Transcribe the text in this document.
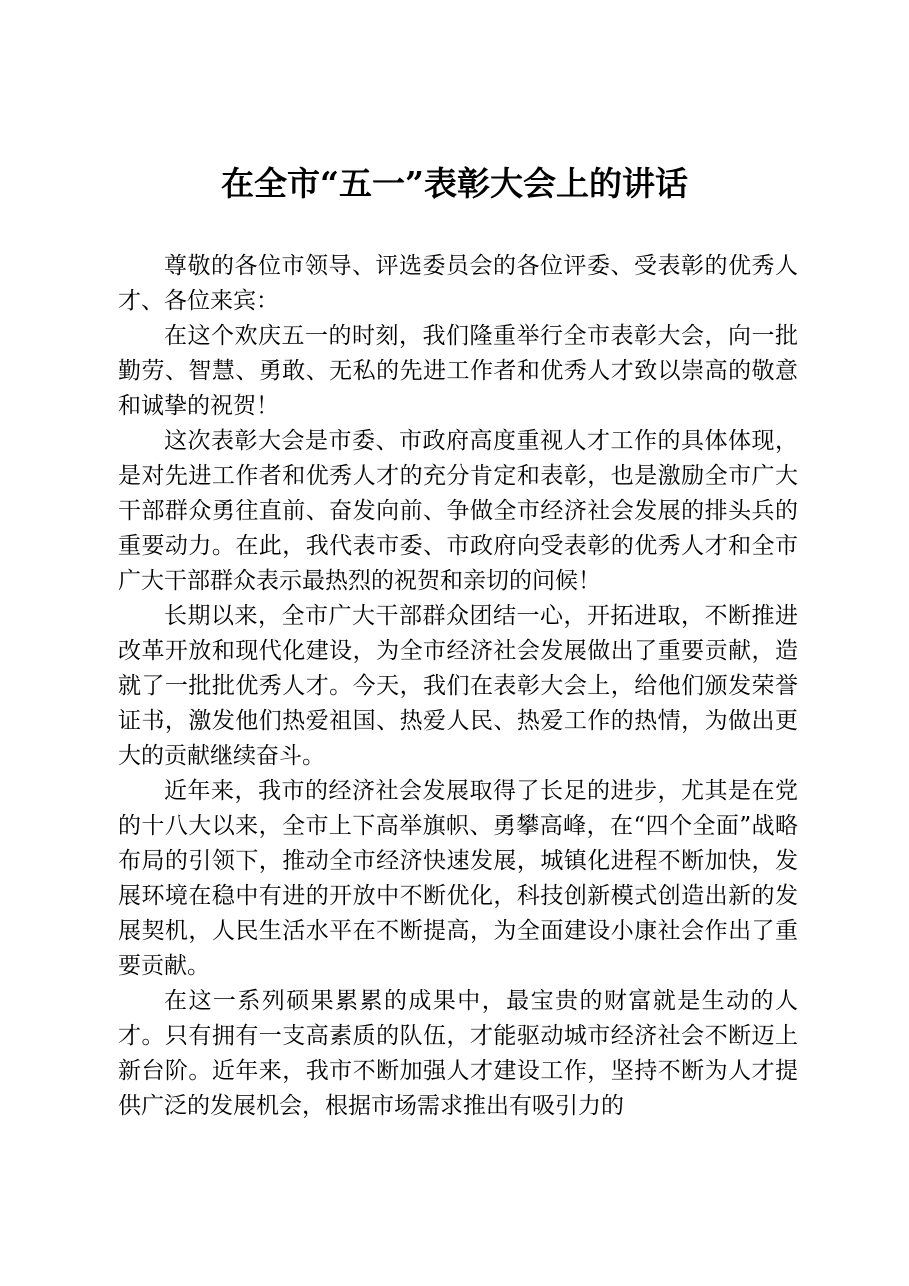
在全市“五一”表彰大会上的讲话

尊敬的各位市领导、评选委员会的各位评委、受表彰的优秀人才、各位来宾：

在这个欢庆五一的时刻，我们隆重举行全市表彰大会，向一批勤劳、智慧、勇敢、无私的先进工作者和优秀人才致以崇高的敬意和诚挚的祝贺！

这次表彰大会是市委、市政府高度重视人才工作的具体体现，是对先进工作者和优秀人才的充分肯定和表彰，也是激励全市广大干部群众勇往直前、奋发向前、争做全市经济社会发展的排头兵的重要动力。在此，我代表市委、市政府向受表彰的优秀人才和全市广大干部群众表示最热烈的祝贺和亲切的问候！

长期以来，全市广大干部群众团结一心，开拓进取，不断推进改革开放和现代化建设，为全市经济社会发展做出了重要贡献，造就了一批批优秀人才。今天，我们在表彰大会上，给他们颁发荣誉证书，激发他们热爱祖国、热爱人民、热爱工作的热情，为做出更大的贡献继续奋斗。

近年来，我市的经济社会发展取得了长足的进步，尤其是在党的十八大以来，全市上下高举旗帜、勇攀高峰，在“四个全面”战略布局的引领下，推动全市经济快速发展，城镇化进程不断加快，发展环境在稳中有进的开放中不断优化，科技创新模式创造出新的发展契机，人民生活水平在不断提高，为全面建设小康社会作出了重要贡献。

在这一系列硕果累累的成果中，最宝贵的财富就是生动的人才。只有拥有一支高素质的队伍，才能驱动城市经济社会不断迈上新台阶。近年来，我市不断加强人才建设工作，坚持不断为人才提供广泛的发展机会，根据市场需求推出有吸引力的
